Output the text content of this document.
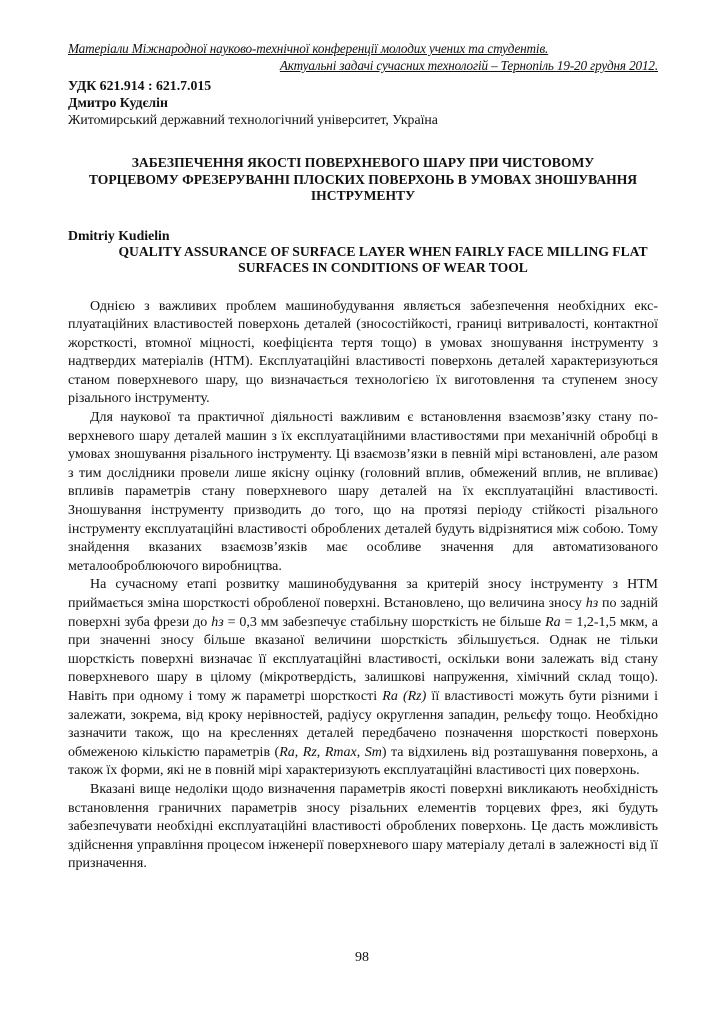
Матеріали Міжнародної науково-технічної конференції молодих учених та студентів.
Актуальні задачі сучасних технологій – Тернопіль 19-20 грудня 2012.
УДК 621.914 : 621.7.015
Дмитро Кудєлін
Житомирський державний технологічний університет, Україна
ЗАБЕЗПЕЧЕННЯ ЯКОСТІ ПОВЕРХНЕВОГО ШАРУ ПРИ ЧИСТОВОМУ ТОРЦЕВОМУ ФРЕЗЕРУВАННІ ПЛОСКИХ ПОВЕРХОНЬ В УМОВАХ ЗНОШУВАННЯ ІНСТРУМЕНТУ
Dmitriy Kudielin
QUALITY ASSURANCE OF SURFACE LAYER WHEN FAIRLY FACE MILLING FLAT SURFACES IN CONDITIONS OF WEAR TOOL

Однією з важливих проблем машинобудування являється забезпечення необхідних експлуатаційних властивостей поверхонь деталей (зносостійкості, границі витривалості, контактної жорсткості, втомної міцності, коефіцієнта тертя тощо) в умовах зношування інструменту з надтвердих матеріалів (НТМ). Експлуатаційні властивості поверхонь деталей характеризуються станом поверхневого шару, що визначається технологією їх виготовлення та ступенем зносу різального інструменту.

Для наукової та практичної діяльності важливим є встановлення взаємозв’язку стану поверхневого шару деталей машин з їх експлуатаційними властивостями при механічній обробці в умовах зношування різального інструменту. Ці взаємозв’язки в певній мірі встановлені, але разом з тим дослідники провели лише якісну оцінку (головний вплив, обмежений вплив, не впливає) впливів параметрів стану поверхневого шару деталей на їх експлуатаційні властивості. Зношування інструменту призводить до того, що на протязі періоду стійкості різального інструменту експлуатаційні властивості оброблених деталей будуть відрізнятися між собою. Тому знайдення вказаних взаємозв’язків має особливе значення для автоматизованого металооброблюючого виробництва.

На сучасному етапі розвитку машинобудування за критерій зносу інструменту з НТМ приймається зміна шорсткості обробленої поверхні. Встановлено, що величина зносу hз по задній поверхні зуба фрези до hз = 0,3 мм забезпечує стабільну шорсткість не більше Ra = 1,2-1,5 мкм, а при значенні зносу більше вказаної величини шорсткість збільшується. Однак не тільки шорсткість поверхні визначає її експлуатаційні властивості, оскільки вони залежать від стану поверхневого шару в цілому (мікротвердість, залишкові напруження, хімічний склад тощо). Навіть при одному і тому ж параметрі шорсткості Ra (Rz) її властивості можуть бути різними і залежати, зокрема, від кроку нерівностей, радіусу округлення западин, рельєфу тощо. Необхідно зазначити також, що на кресленнях деталей передбачено позначення шорсткості поверхонь обмеженою кількістю параметрів (Ra, Rz, Rmax, Sm) та відхилень від розташування поверхонь, а також їх форми, які не в повній мірі характеризують експлуатаційні властивості цих поверхонь.

Вказані вище недоліки щодо визначення параметрів якості поверхні викликають необхідність встановлення граничних параметрів зносу різальних елементів торцевих фрез, які будуть забезпечувати необхідні експлуатаційні властивості оброблених поверхонь. Це дасть можливість здійснення управління процесом інженерії поверхневого шару матеріалу деталі в залежності від її призначення.

98
